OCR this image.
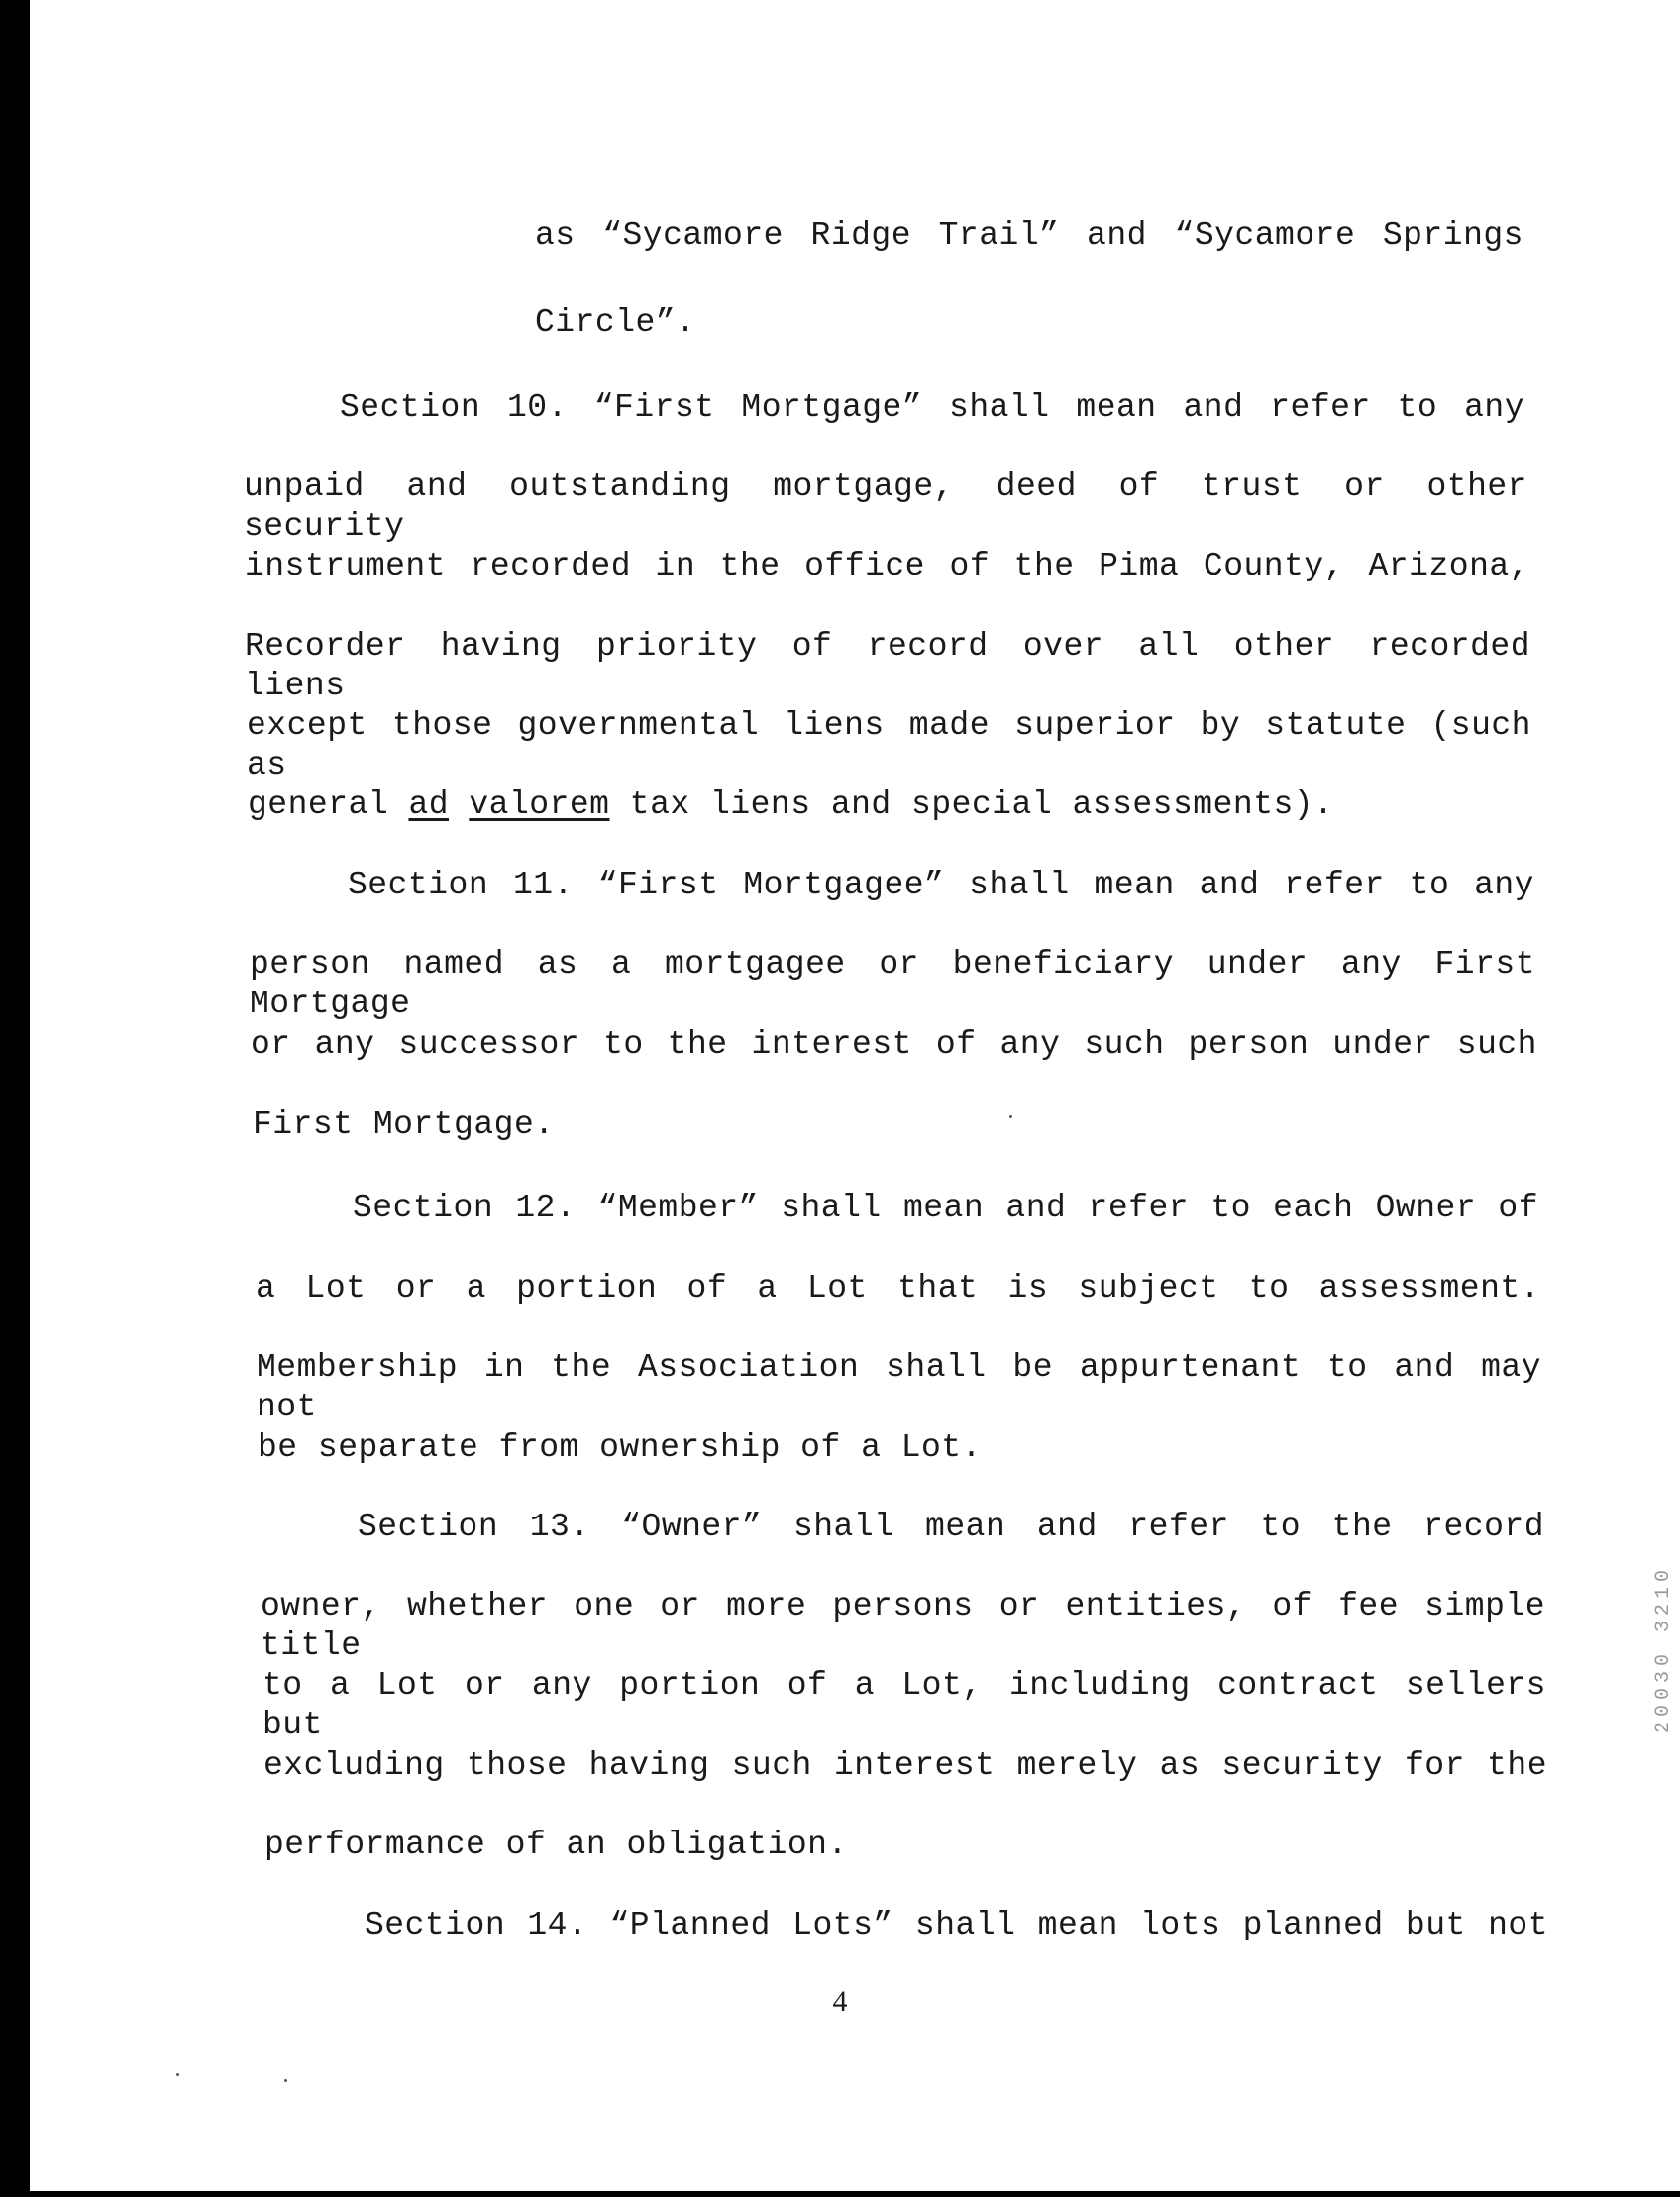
as “Sycamore Ridge Trail” and “Sycamore Springs
Circle”.
Section 10. “First Mortgage” shall mean and refer to any
unpaid and outstanding mortgage, deed of trust or other security
instrument recorded in the office of the Pima County, Arizona,
Recorder having priority of record over all other recorded liens
except those governmental liens made superior by statute (such as
general ad valorem tax liens and special assessments).
Section 11. “First Mortgagee” shall mean and refer to any
person named as a mortgagee or beneficiary under any First Mortgage
or any successor to the interest of any such person under such
First Mortgage.
Section 12. “Member” shall mean and refer to each Owner of
a Lot or a portion of a Lot that is subject to assessment.
Membership in the Association shall be appurtenant to and may not
be separate from ownership of a Lot.
Section 13. “Owner” shall mean and refer to the record
owner, whether one or more persons or entities, of fee simple title
to a Lot or any portion of a Lot, including contract sellers but
excluding those having such interest merely as security for the
performance of an obligation.
Section 14. “Planned Lots” shall mean lots planned but not
4
20030 3210
